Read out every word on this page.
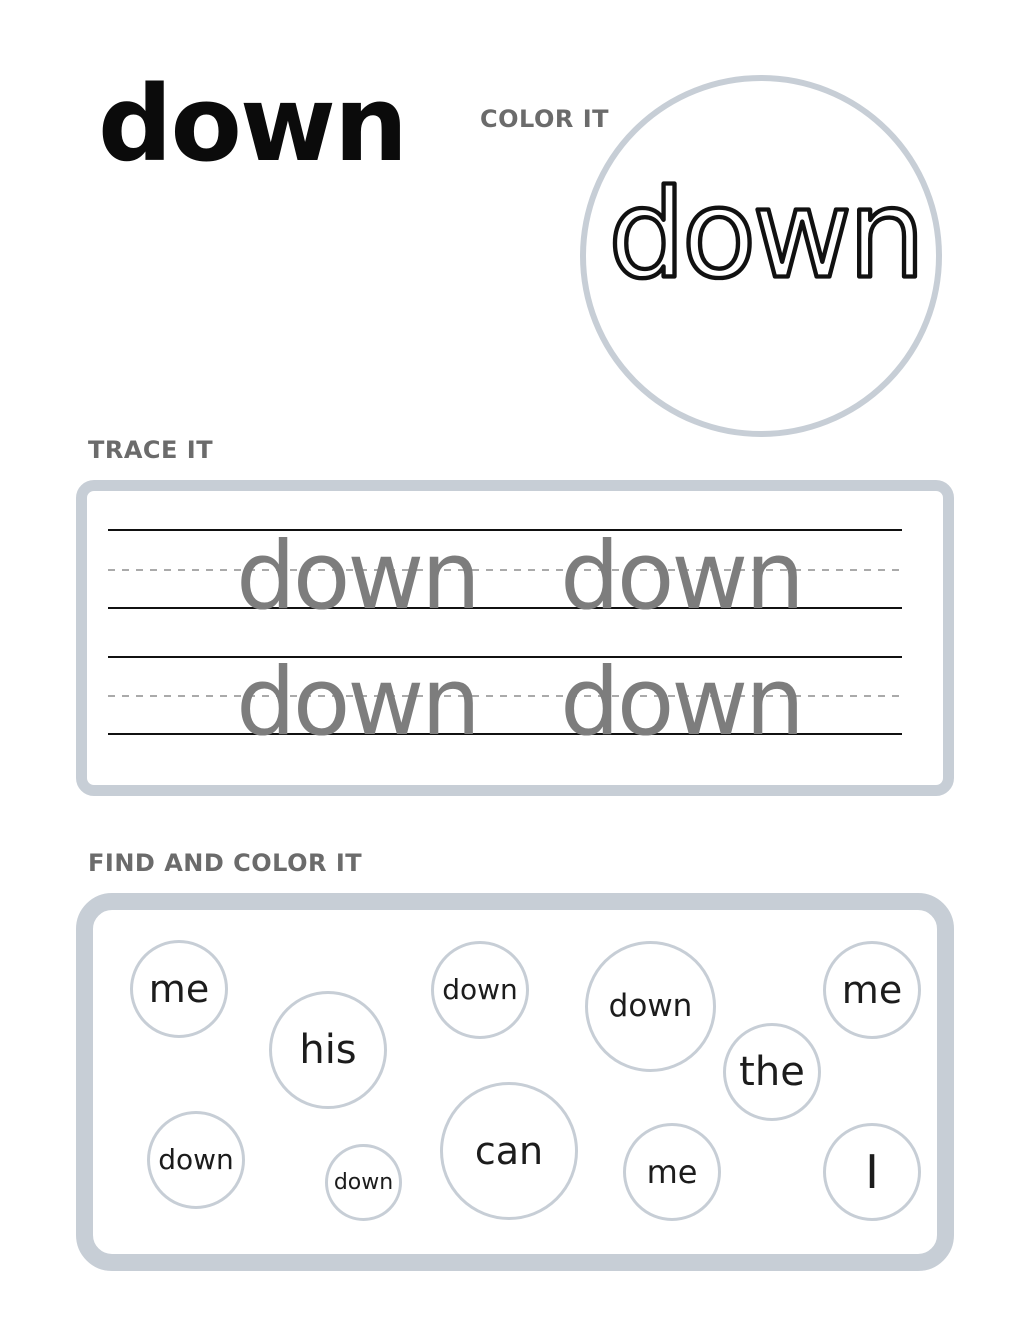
down	COLOR IT
down
TRACE IT
down down
down down
FIND AND COLOR IT
me
his
down	down
the
me
down
down
can	me	I
